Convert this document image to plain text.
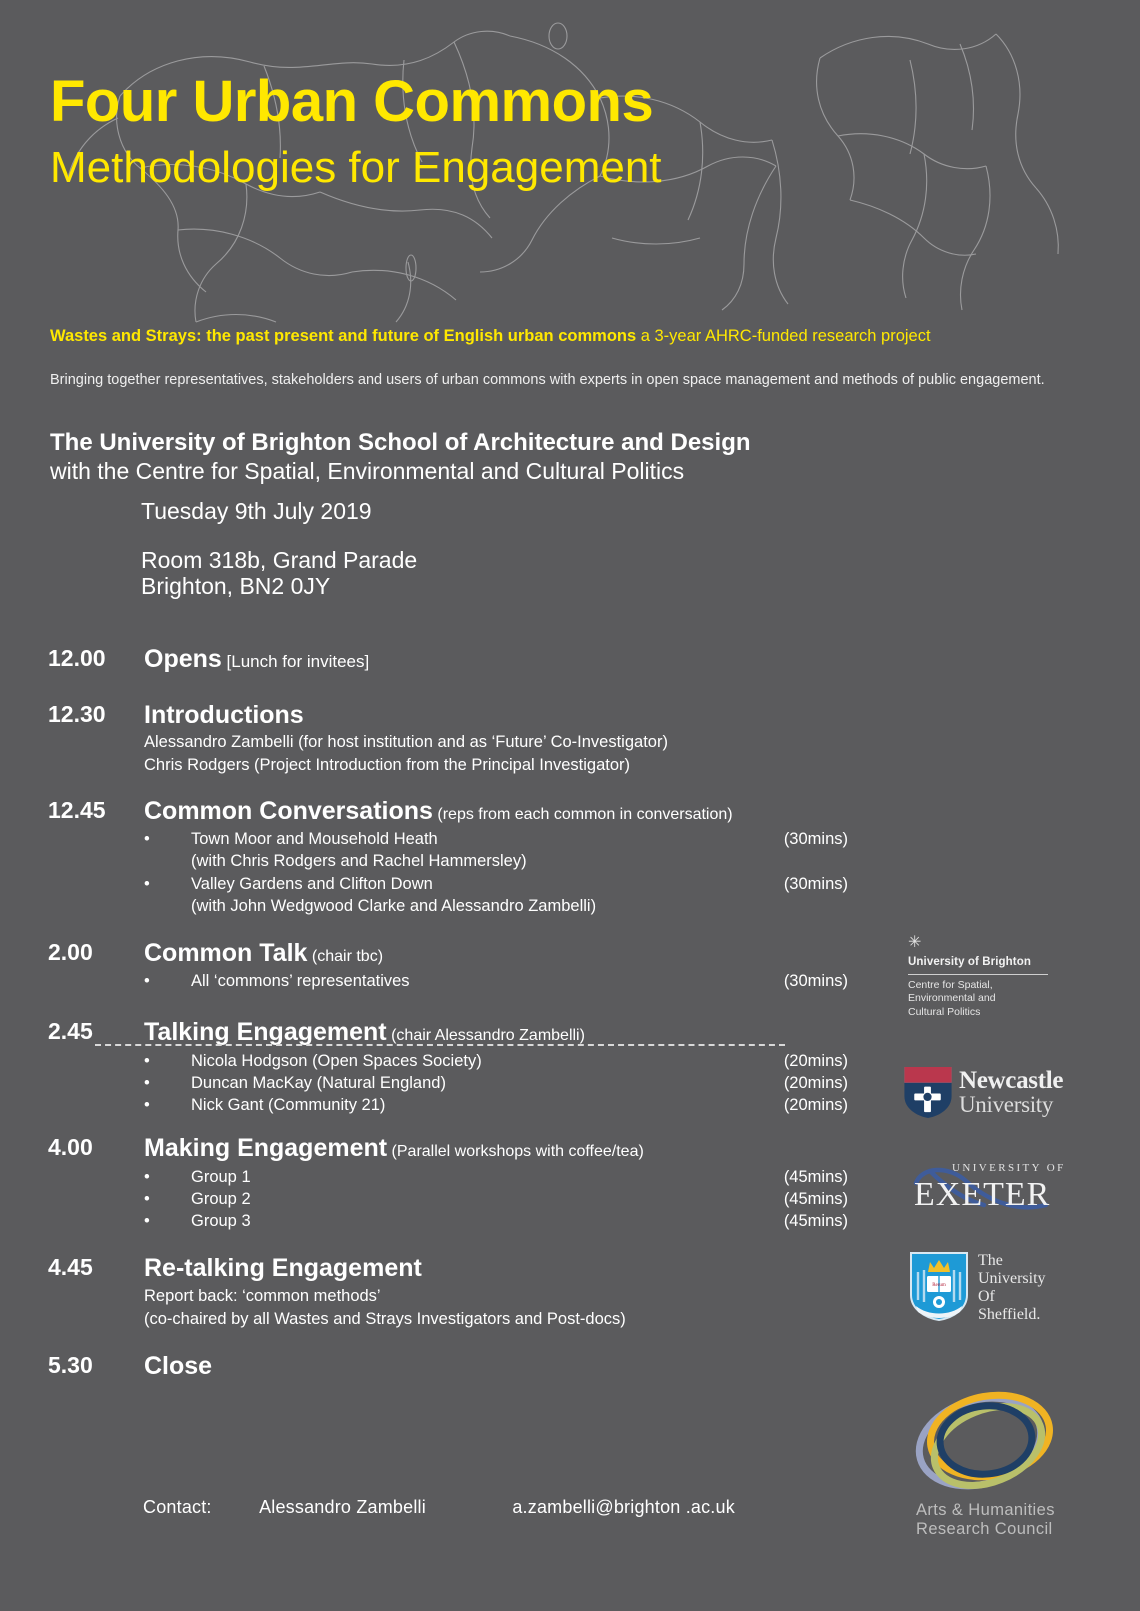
Four Urban Commons
Methodologies for Engagement
Wastes and Strays: the past present and future of English urban commons a 3-year AHRC-funded research project
Bringing together representatives, stakeholders and users of urban commons with experts in open space management and methods of public engagement.
The University of Brighton School of Architecture and Design
with the Centre for Spatial, Environmental and Cultural Politics
Tuesday 9th July 2019
Room 318b, Grand Parade
Brighton, BN2 0JY
12.00	Opens [Lunch for invitees]
12.30	Introductions
Alessandro Zambelli (for host institution and as ‘Future’ Co-Investigator)
Chris Rodgers (Project Introduction from the Principal Investigator)
12.45	Common Conversations (reps from each common in conversation)
• Town Moor and Mousehold Heath	(30mins)
(with Chris Rodgers and Rachel Hammersley)
• Valley Gardens and Clifton Down	(30mins)
(with John Wedgwood Clarke and Alessandro Zambelli)
2.00	Common Talk (chair tbc)
• All ‘commons’ representatives	(30mins)
2.45	Talking Engagement (chair Alessandro Zambelli)
• Nicola Hodgson (Open Spaces Society)	(20mins)
• Duncan MacKay (Natural England)	(20mins)
• Nick Gant (Community 21)	(20mins)
4.00	Making Engagement (Parallel workshops with coffee/tea)
• Group 1	(45mins)
• Group 2	(45mins)
• Group 3	(45mins)
4.45	Re-talking Engagement
Report back: ‘common methods’
(co-chaired by all Wastes and Strays Investigators and Post-docs)
5.30	Close
Contact:	Alessandro Zambelli	a.zambelli@brighton .ac.uk
✳
University of Brighton
Centre for Spatial,
Environmental and
Cultural Politics
Newcastle
University
UNIVERSITY OF
EXETER
Rerum
The
University
Of
Sheffield.
Arts & Humanities
Research Council
